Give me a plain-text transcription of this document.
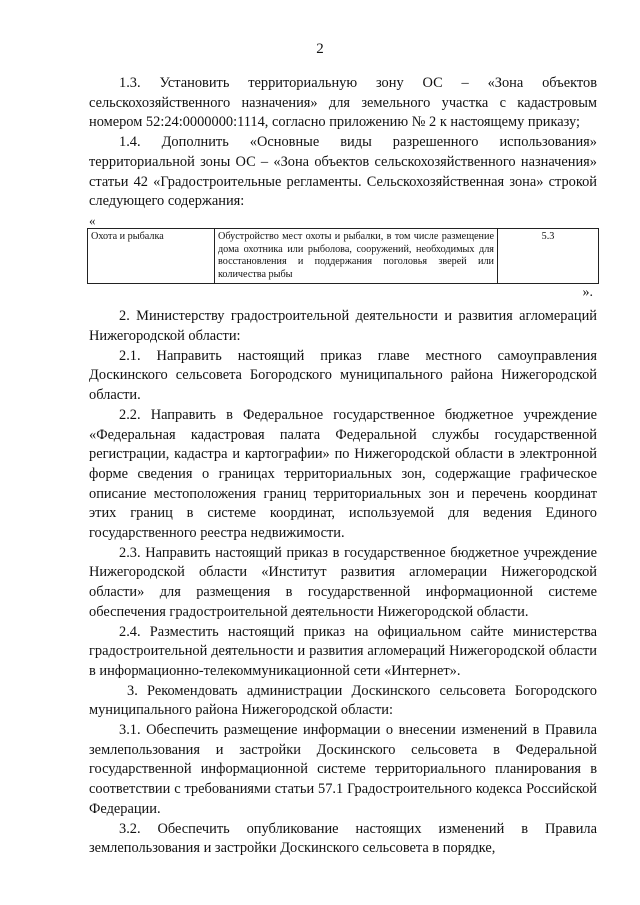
2

1.3. Установить территориальную зону ОС – «Зона объектов сельскохозяйственного назначения» для земельного участка с кадастровым номером 52:24:0000000:1114, согласно приложению № 2 к настоящему приказу;

1.4. Дополнить «Основные виды разрешенного использования» территориальной зоны ОС – «Зона объектов сельскохозяйственного назначения» статьи 42 «Градостроительные регламенты. Сельскохозяйственная зона» строкой следующего содержания:

«
Охота и рыбалка	Обустройство мест охоты и рыбалки, в том числе размещение дома охотника или рыболова, сооружений, необходимых для восстановления и поддержания поголовья зверей или количества рыбы	5.3
».

2. Министерству градостроительной деятельности и развития агломераций Нижегородской области:

2.1. Направить настоящий приказ главе местного самоуправления Доскинского сельсовета Богородского муниципального района Нижегородской области.

2.2. Направить в Федеральное государственное бюджетное учреждение «Федеральная кадастровая палата Федеральной службы государственной регистрации, кадастра и картографии» по Нижегородской области в электронной форме сведения о границах территориальных зон, содержащие графическое описание местоположения границ территориальных зон и перечень координат этих границ в системе координат, используемой для ведения Единого государственного реестра недвижимости.

2.3. Направить настоящий приказ в государственное бюджетное учреждение Нижегородской области «Институт развития агломерации Нижегородской области» для размещения в государственной информационной системе обеспечения градостроительной деятельности Нижегородской области.

2.4. Разместить настоящий приказ на официальном сайте министерства градостроительной деятельности и развития агломераций Нижегородской области в информационно-телекоммуникационной сети «Интернет».

3. Рекомендовать администрации Доскинского сельсовета Богородского муниципального района Нижегородской области:

3.1. Обеспечить размещение информации о внесении изменений в Правила землепользования и застройки Доскинского сельсовета в Федеральной государственной информационной системе территориального планирования в соответствии с требованиями статьи 57.1 Градостроительного кодекса Российской Федерации.

3.2. Обеспечить опубликование настоящих изменений в Правила землепользования и застройки Доскинского сельсовета в порядке,
